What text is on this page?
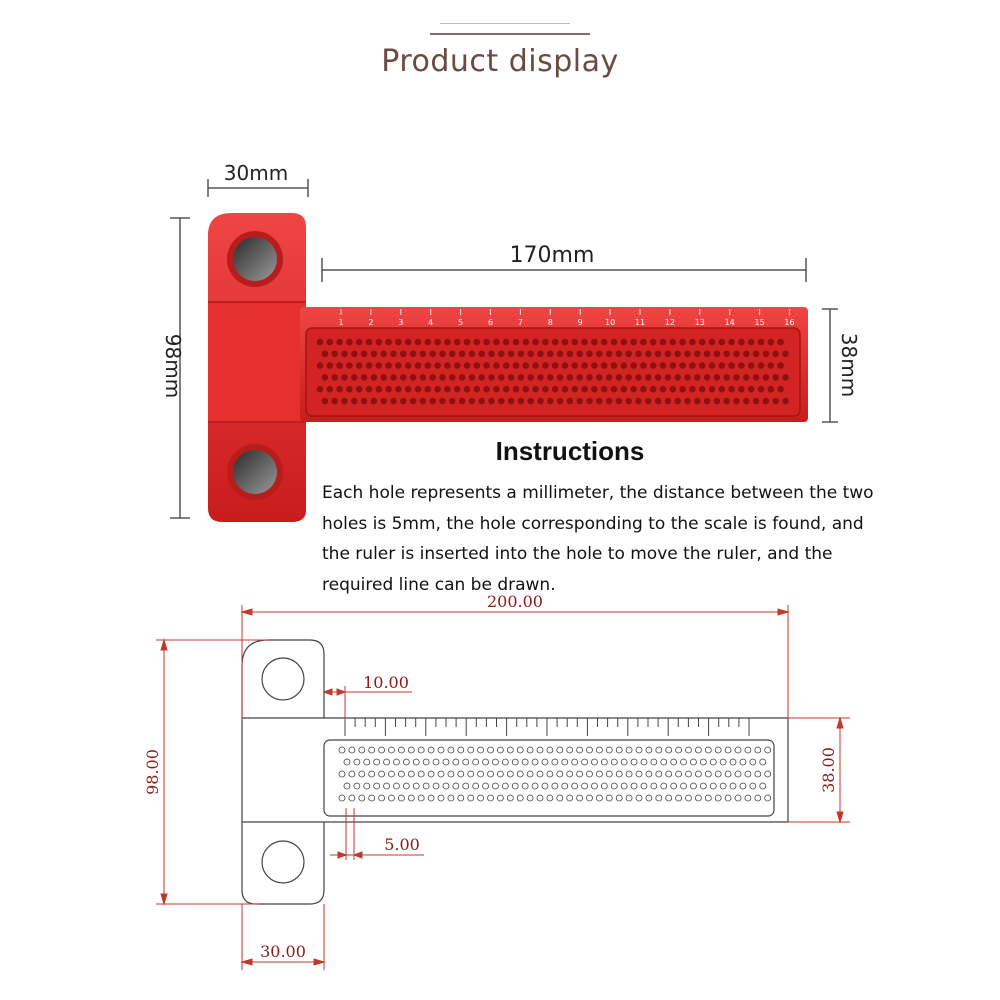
Product display
30mm
98mm
170mm
38mm
1	2	3	4	5	6	7	8	9	10 11 12 13 14 15 16
Instructions
Each hole represents a millimeter, the distance between the two
holes is 5mm, the hole corresponding to the scale is found, and
the ruler is inserted into the hole to move the ruler, and the
required line can be drawn.
200.00
10.00
98.00	38.00
5.00
30.00
